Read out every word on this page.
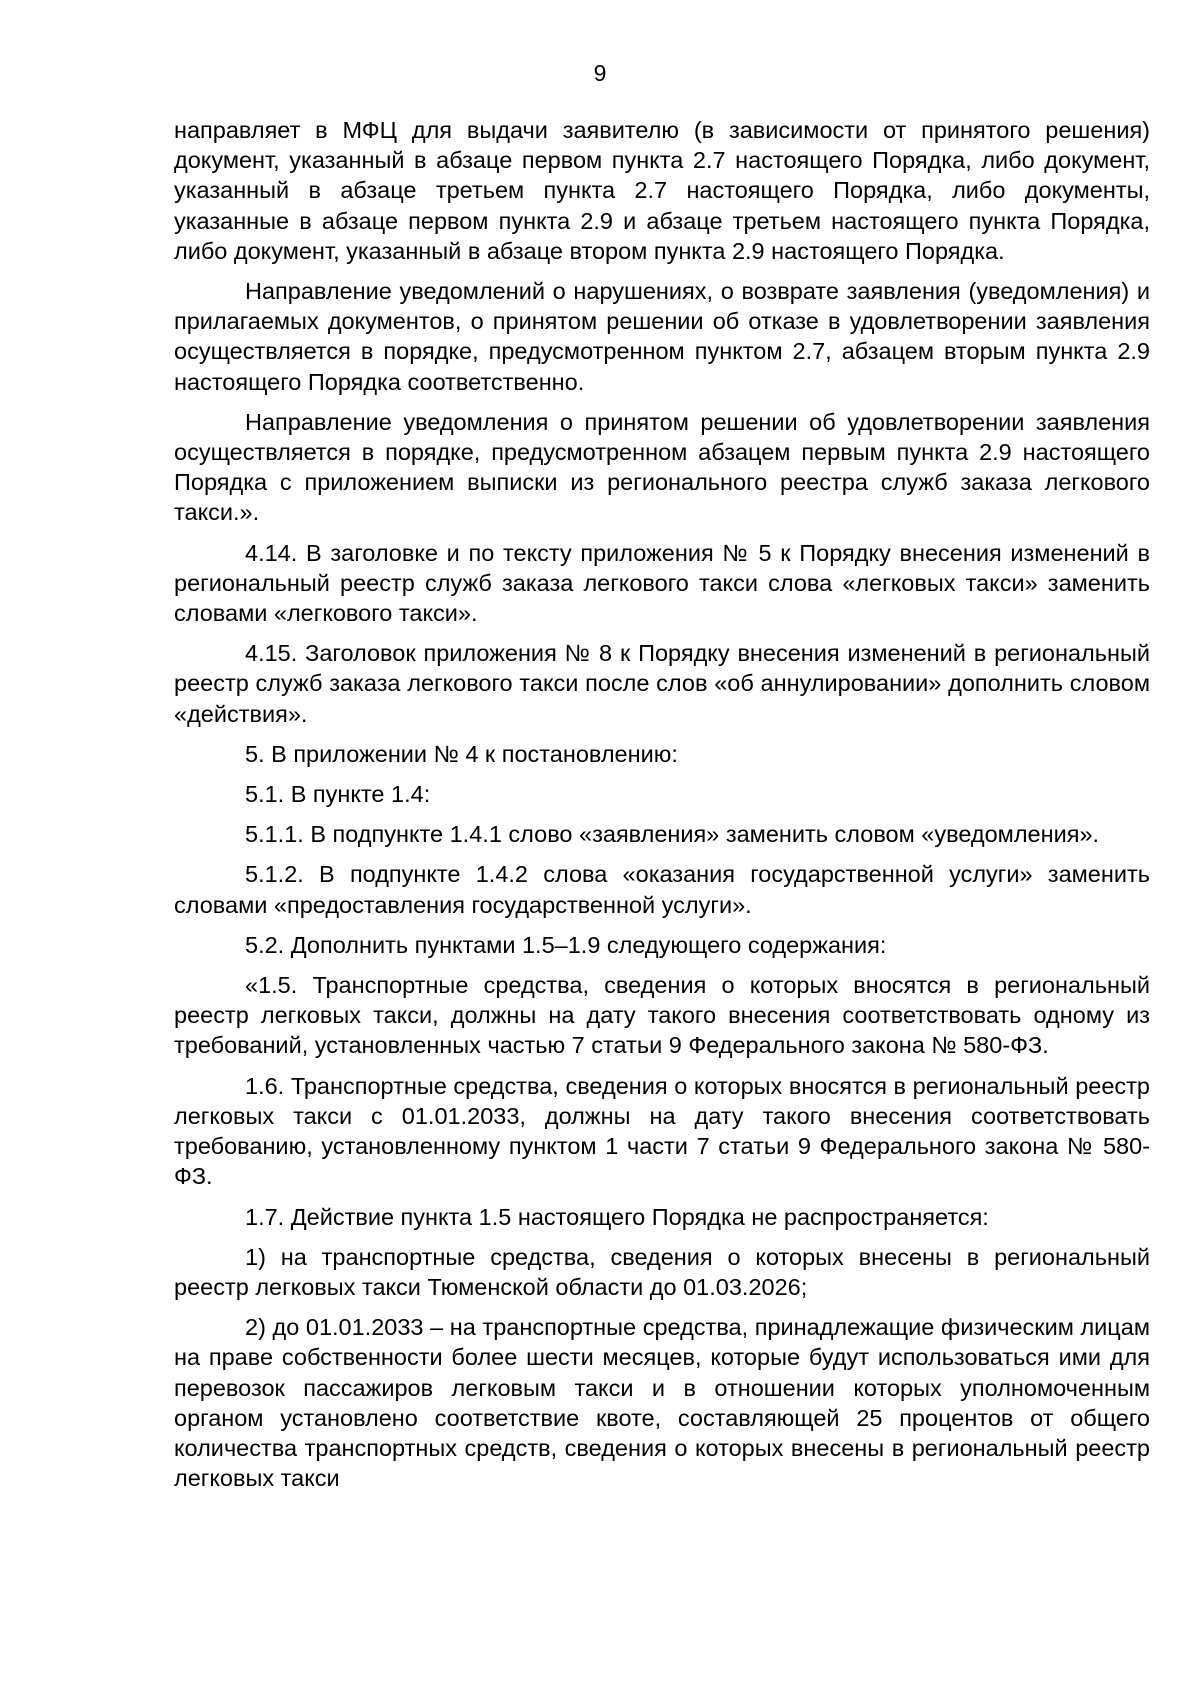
9

направляет в МФЦ для выдачи заявителю (в зависимости от принятого решения) документ, указанный в абзаце первом пункта 2.7 настоящего Порядка, либо документ, указанный в абзаце третьем пункта 2.7 настоящего Порядка, либо документы, указанные в абзаце первом пункта 2.9 и абзаце третьем настоящего пункта Порядка, либо документ, указанный в абзаце втором пункта 2.9 настоящего Порядка.

Направление уведомлений о нарушениях, о возврате заявления (уведомления) и прилагаемых документов, о принятом решении об отказе в удовлетворении заявления осуществляется в порядке, предусмотренном пунктом 2.7, абзацем вторым пункта 2.9 настоящего Порядка соответственно.

Направление уведомления о принятом решении об удовлетворении заявления осуществляется в порядке, предусмотренном абзацем первым пункта 2.9 настоящего Порядка с приложением выписки из регионального реестра служб заказа легкового такси.».

4.14. В заголовке и по тексту приложения № 5 к Порядку внесения изменений в региональный реестр служб заказа легкового такси слова «легковых такси» заменить словами «легкового такси».

4.15. Заголовок приложения № 8 к Порядку внесения изменений в региональный реестр служб заказа легкового такси после слов «об аннулировании» дополнить словом «действия».

5. В приложении № 4 к постановлению:

5.1. В пункте 1.4:

5.1.1. В подпункте 1.4.1 слово «заявления» заменить словом «уведомления».

5.1.2. В подпункте 1.4.2 слова «оказания государственной услуги» заменить словами «предоставления государственной услуги».

5.2. Дополнить пунктами 1.5–1.9 следующего содержания:

«1.5. Транспортные средства, сведения о которых вносятся в региональный реестр легковых такси, должны на дату такого внесения соответствовать одному из требований, установленных частью 7 статьи 9 Федерального закона № 580-ФЗ.

1.6. Транспортные средства, сведения о которых вносятся в региональный реестр легковых такси с 01.01.2033, должны на дату такого внесения соответствовать требованию, установленному пунктом 1 части 7 статьи 9 Федерального закона № 580-ФЗ.

1.7. Действие пункта 1.5 настоящего Порядка не распространяется:

1) на транспортные средства, сведения о которых внесены в региональный реестр легковых такси Тюменской области до 01.03.2026;

2) до 01.01.2033 – на транспортные средства, принадлежащие физическим лицам на праве собственности более шести месяцев, которые будут использоваться ими для перевозок пассажиров легковым такси и в отношении которых уполномоченным органом установлено соответствие квоте, составляющей 25 процентов от общего количества транспортных средств, сведения о которых внесены в региональный реестр легковых такси
